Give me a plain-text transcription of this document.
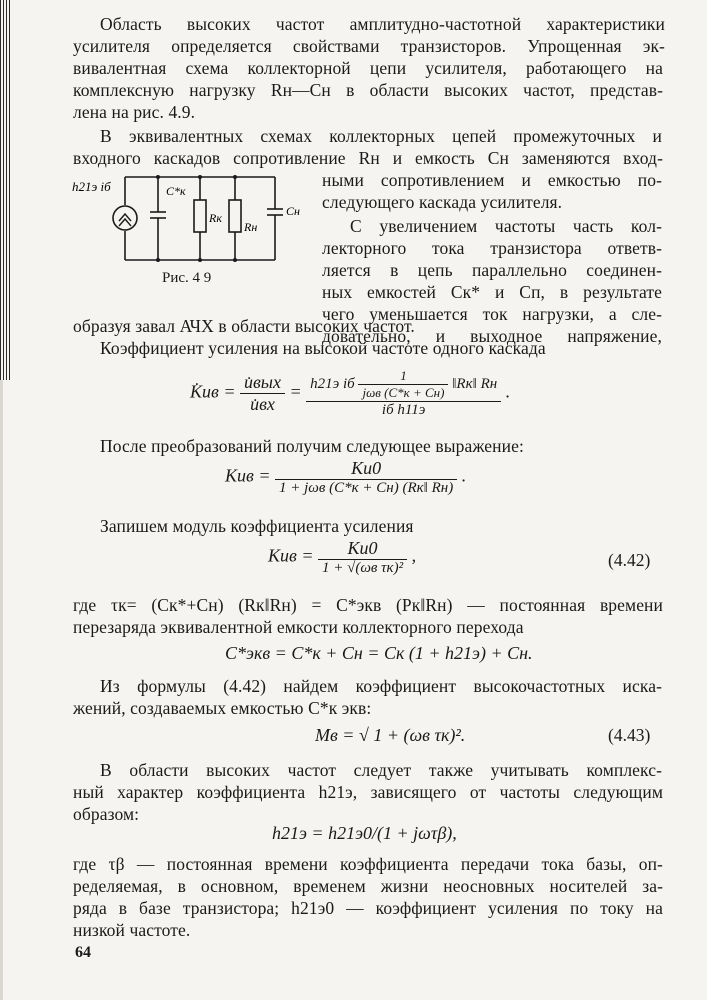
Область высоких частот амплитудно-частотной характеристики
усилителя определяется свойствами транзисторов. Упрощенная эк-
вивалентная схема коллекторной цепи усилителя, работающего на
комплексную нагрузку Rн—Cн в области высоких частот, представ-
лена на рис. 4.9.
В эквивалентных схемах коллекторных цепей промежуточных и
входного каскадов сопротивление Rн и емкость Cн заменяются вход-
ными сопротивлением и емкостью по-
следующего каскада усилителя.
h21э iб	C*к
Rк
Rн
Cн
Рис. 4 9
С увеличением частоты часть кол-
лекторного тока транзистора ответв-
ляется в цепь параллельно соединен-
ных емкостей Cк* и Cп, в результате
чего уменьшается ток нагрузки, а сле-
довательно, и выходное напряжение,
образуя завал АЧХ в области высоких частот.
Коэффициент усиления на высокой частоте одного каскада
K̇uв = $\frac{\text{u̇вых}}{u̇вх} = \frac{h21э iб \frac{1}{\text{jωв (C*к + Cн)}} ‖Rк‖ Rн}{\text{iб h11э}}$ .
После преобразований получим следующее выражение:
Kuв = $\frac{Ku0}{\text{1 + jωв (C*к + Cн) (Rк‖ Rн)}}$ .
Запишем модуль коэффициента усиления
Kuв = $\frac{Ku0}{\text{1 + √(ωв τк)²}}$ ,	(4.42)
где τк= (Cк*+Cн) (Rк‖Rн) = C*экв (Pк‖Rн) — постоянная времени
перезаряда эквивалентной емкости коллекторного перехода
C*экв = C*к + Cн = Cк (1 + h21э) + Cн.
Из формулы (4.42) найдем коэффициент высокочастотных иска-
жений, создаваемых емкостью C*к экв:
Mв = √ 1 + (ωв τк)².	(4.43)
В области высоких частот следует также учитывать комплекс-
ный характер коэффициента h21э, зависящего от частоты следующим
образом:
h21э = h21э0/(1 + jωτβ),
где τβ — постоянная времени коэффициента передачи тока базы, оп-
ределяемая, в основном, временем жизни неосновных носителей за-
ряда в базе транзистора; h21э0 — коэффициент усиления по току на
низкой частоте.
64
